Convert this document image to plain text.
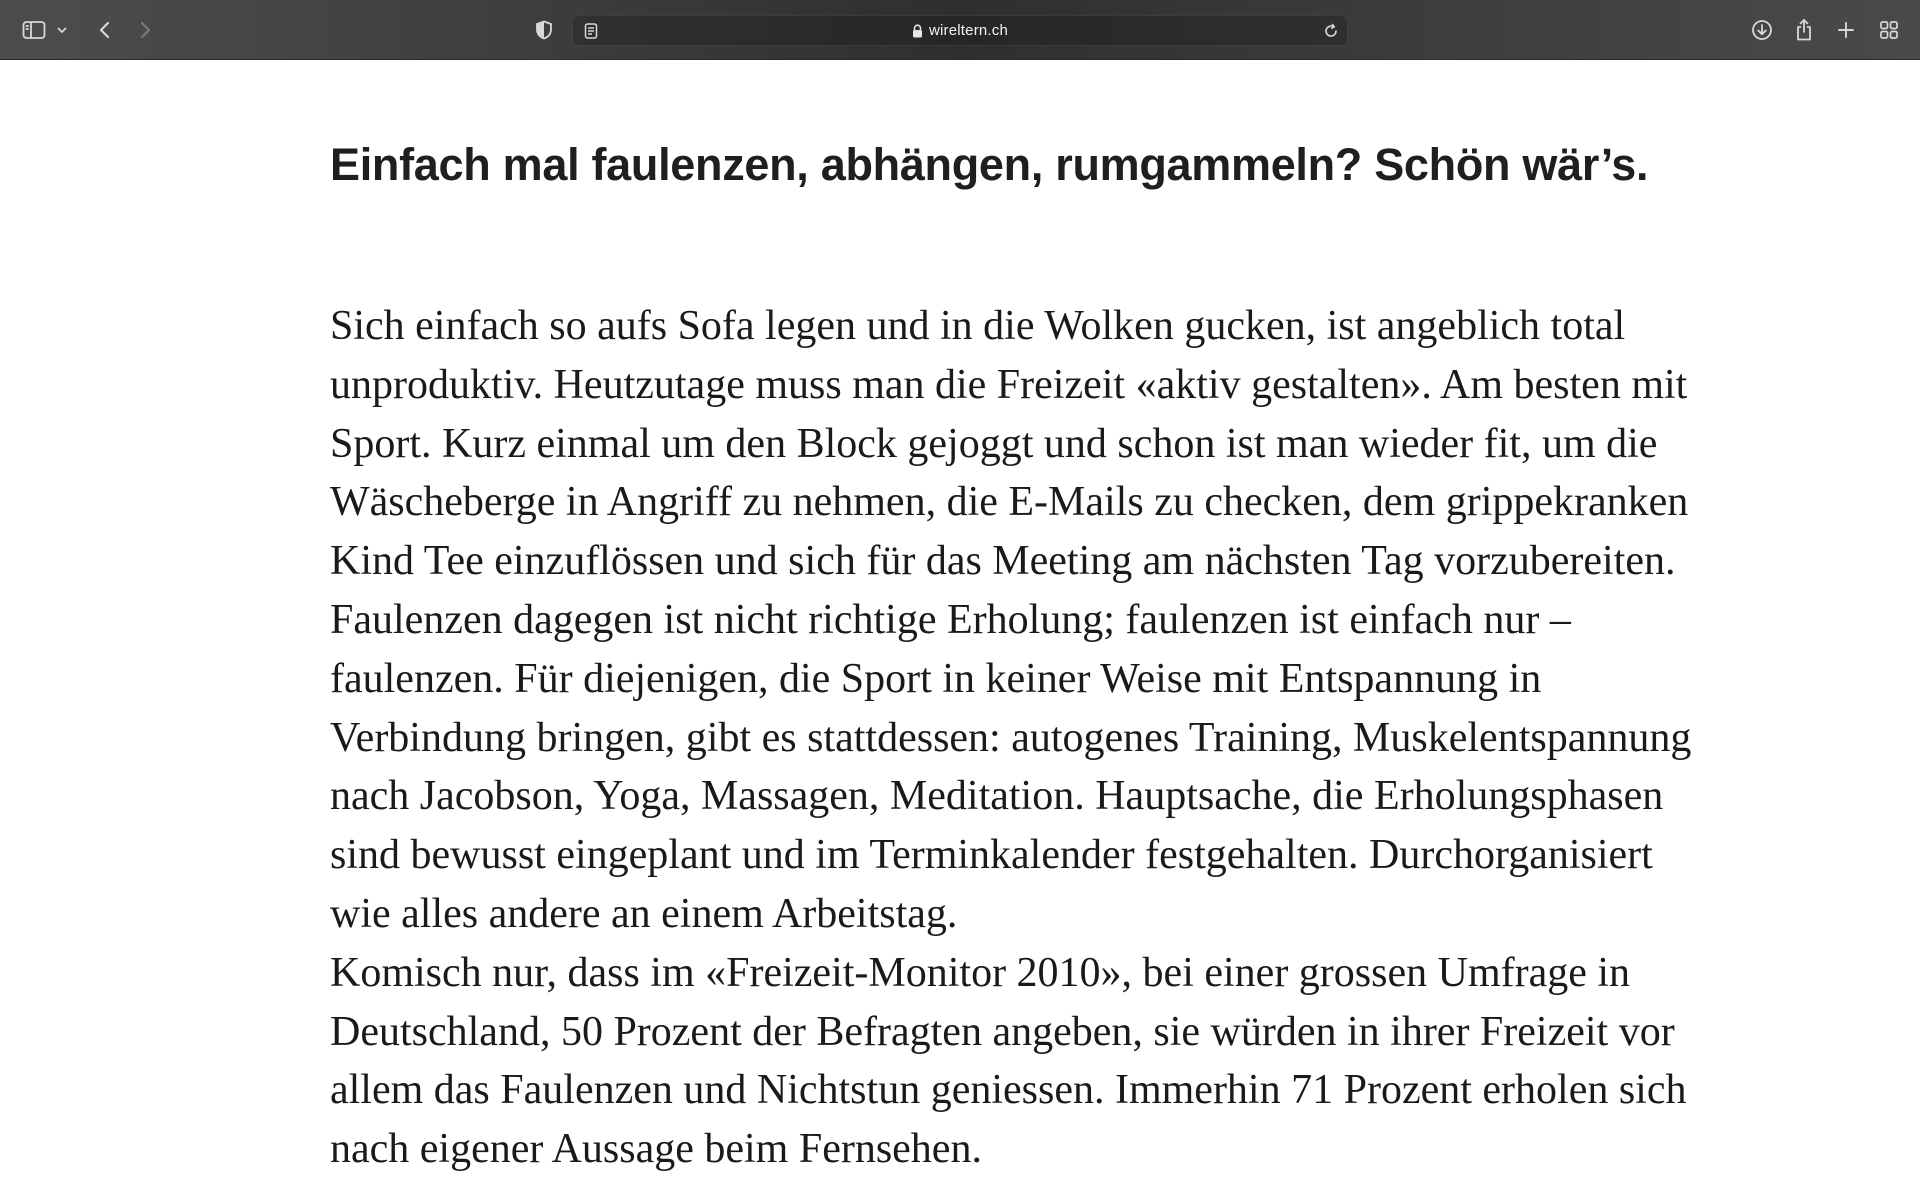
wireltern.ch
Einfach mal faulenzen, abhängen, rumgammeln? Schön wär’s.

Sich einfach so aufs Sofa legen und in die Wolken gucken, ist angeblich total unproduktiv. Heutzutage muss man die Freizeit «aktiv gestalten». Am besten mit Sport. Kurz einmal um den Block gejoggt und schon ist man wieder fit, um die Wäscheberge in Angriff zu nehmen, die E-Mails zu checken, dem grippekranken Kind Tee einzuflössen und sich für das Meeting am nächsten Tag vorzubereiten. Faulenzen dagegen ist nicht richtige Erholung; faulenzen ist einfach nur – faulenzen. Für diejenigen, die Sport in keiner Weise mit Entspannung in Verbindung bringen, gibt es stattdessen: autogenes Training, Muskelentspannung nach Jacobson, Yoga, Massagen, Meditation. Hauptsache, die Erholungsphasen sind bewusst eingeplant und im Terminkalender festgehalten. Durchorganisiert wie alles andere an einem Arbeitstag.

Komisch nur, dass im «Freizeit-Monitor 2010», bei einer grossen Umfrage in Deutschland, 50 Prozent der Befragten angeben, sie würden in ihrer Freizeit vor allem das Faulenzen und Nichtstun geniessen. Immerhin 71 Prozent erholen sich nach eigener Aussage beim Fernsehen.
